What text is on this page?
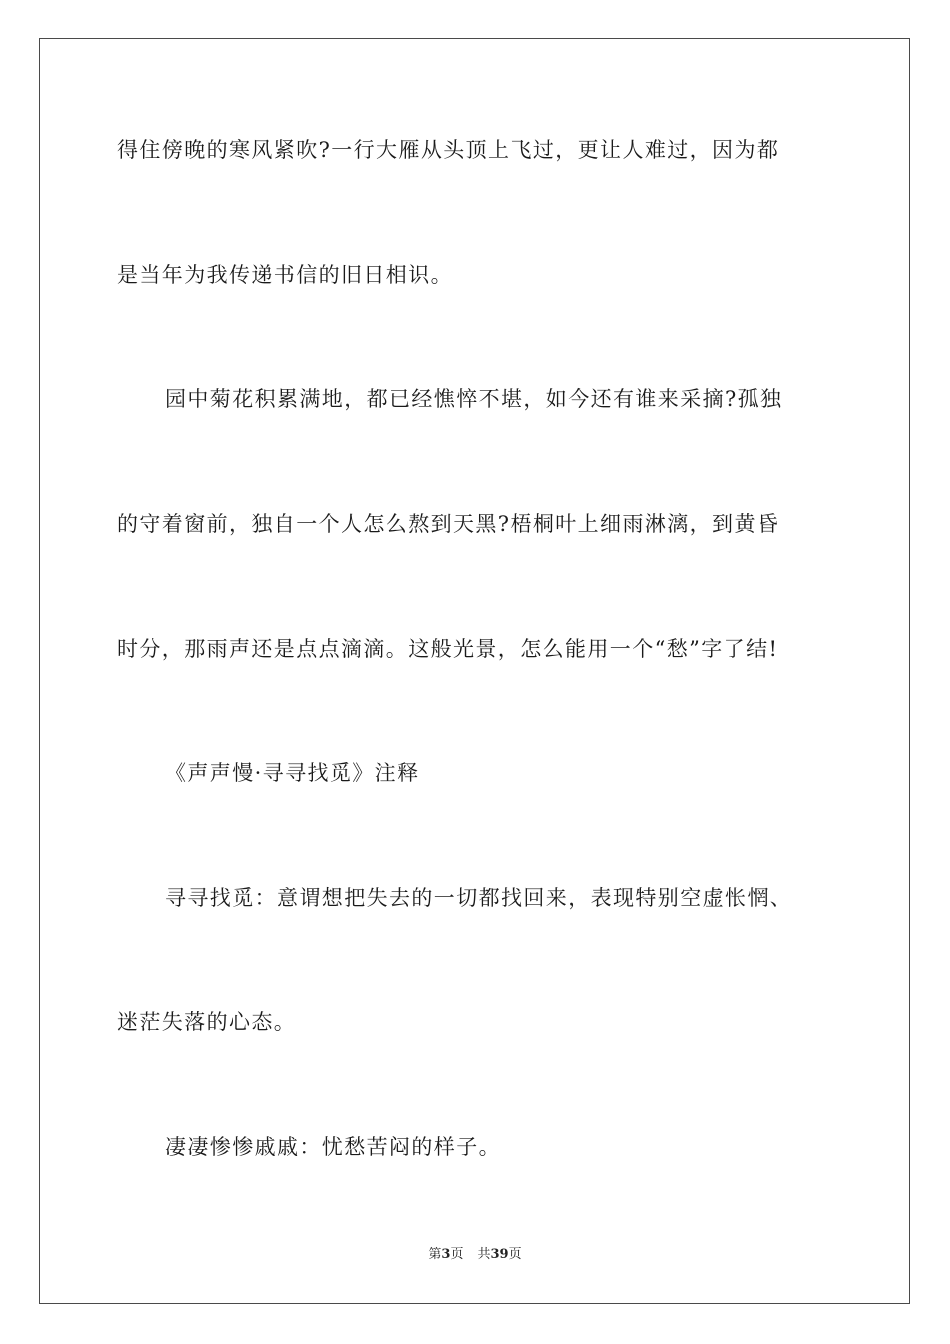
得住傍晚的寒风紧吹?一行大雁从头顶上飞过，更让人难过，因为都

是当年为我传递书信的旧日相识。

园中菊花积累满地，都已经憔悴不堪，如今还有谁来采摘?孤独

的守着窗前，独自一个人怎么熬到天黑?梧桐叶上细雨淋漓，到黄昏

时分，那雨声还是点点滴滴。这般光景，怎么能用一个“愁”字了结!

《声声慢·寻寻找觅》注释

寻寻找觅：意谓想把失去的一切都找回来，表现特别空虚怅惘、

迷茫失落的心态。

凄凄惨惨戚戚：忧愁苦闷的样子。

第3页 共39页
